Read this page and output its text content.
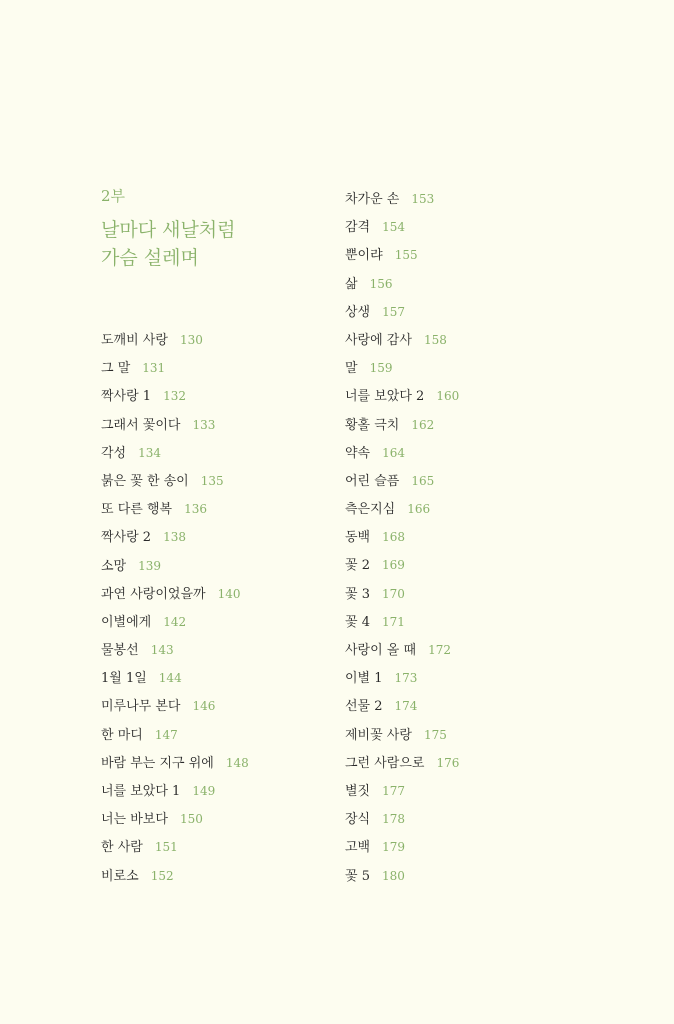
2부
날마다 새날처럼
가슴 설레며
도깨비 사랑 130
그 말 131
짝사랑 1 132
그래서 꽃이다 133
각성 134
붉은 꽃 한 송이 135
또 다른 행복 136
짝사랑 2 138
소망 139
과연 사랑이었을까 140
이별에게 142
물봉선 143
1월 1일 144
미루나무 본다 146
한 마디 147
바람 부는 지구 위에 148
너를 보았다 1 149
너는 바보다 150
한 사람 151
비로소 152
차가운 손 153
감격 154
뿐이랴 155
삶 156
상생 157
사랑에 감사 158
말 159
너를 보았다 2 160
황홀 극치 162
약속 164
어린 슬픔 165
측은지심 166
동백 168
꽃 2 169
꽃 3 170
꽃 4 171
사랑이 올 때 172
이별 1 173
선물 2 174
제비꽃 사랑 175
그런 사람으로 176
별짓 177
장식 178
고백 179
꽃 5 180
